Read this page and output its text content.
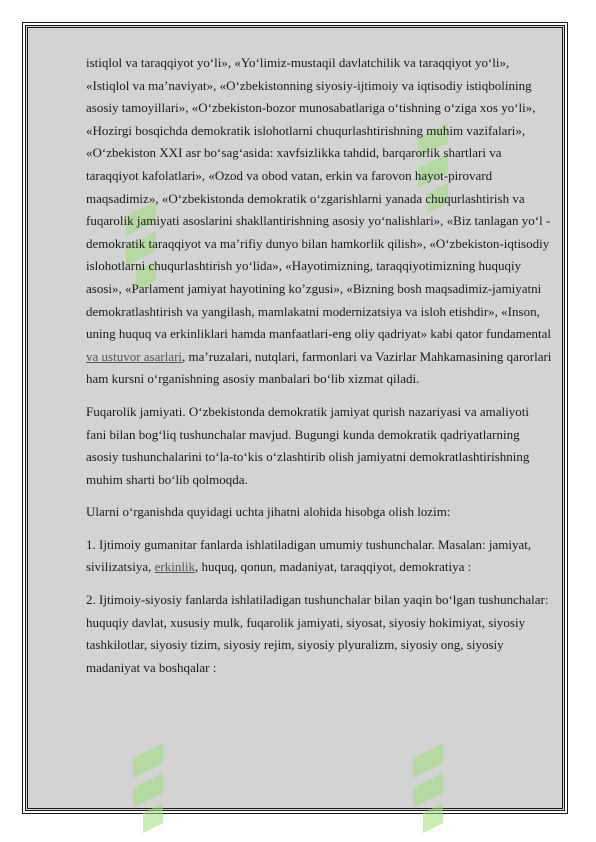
istiqlol va taraqqiyot yo‘li», «Yo‘limiz-mustaqil davlatchilik va taraqqiyot yo‘li», «Istiqlol va ma’naviyat», «O‘zbekistonning siyosiy-ijtimoiy va iqtisodiy istiqbolining asosiy tamoyillari», «O‘zbekiston-bozor munosabatlariga o‘tishning o‘ziga xos yo‘li», «Hozirgi bosqichda demokratik islohotlarni chuqurlashtirishning muhim vazifalari», «O‘zbekiston XXI asr bo‘sag‘asida: xavfsizlikka tahdid, barqarorlik shartlari va taraqqiyot kafolatlari», «Ozod va obod vatan, erkin va farovon hayot-pirovard maqsadimiz», «O‘zbekistonda demokratik o‘zgarishlarni yanada chuqurlashtirish va fuqarolik jamiyati asoslarini shakllantirishning asosiy yo‘nalishlari», «Biz tanlagan yo‘l - demokratik taraqqiyot va ma’rifiy dunyo bilan hamkorlik qilish», «O‘zbekiston-iqtisodiy islohotlarni chuqurlashtirish yo‘lida», «Hayotimizning, taraqqiyotimizning huquqiy asosi», «Parlament jamiyat hayotining ko’zgusi», «Bizning bosh maqsadimiz-jamiyatni demokratlashtirish va yangilash, mamlakatni modernizatsiya va isloh etishdir», «Inson, uning huquq va erkinliklari hamda manfaatlari-eng oliy qadriyat» kabi qator fundamental va ustuvor asarlari, ma’ruzalari, nutqlari, farmonlari va Vazirlar Mahkamasining qarorlari ham kursni o‘rganishning asosiy manbalari bo‘lib xizmat qiladi.

Fuqarolik jamiyati. O‘zbekistonda demokratik jamiyat qurish nazariyasi va amaliyoti fani bilan bog‘liq tushunchalar mavjud. Bugungi kunda demokratik qadriyatlarning asosiy tushunchalarini to‘la-to‘kis o‘zlashtirib olish jamiyatni demokratlashtirishning muhim sharti bo‘lib qolmoqda.

Ularni o‘rganishda quyidagi uchta jihatni alohida hisobga olish lozim:

1. Ijtimoiy gumanitar fanlarda ishlatiladigan umumiy tushunchalar. Masalan: jamiyat, sivilizatsiya, erkinlik, huquq, qonun, madaniyat, taraqqiyot, demokratiya :

2. Ijtimoiy-siyosiy fanlarda ishlatiladigan tushunchalar bilan yaqin bo‘lgan tushunchalar: huquqiy davlat, xususiy mulk, fuqarolik jamiyati, siyosat, siyosiy hokimiyat, siyosiy tashkilotlar, siyosiy tizim, siyosiy rejim, siyosiy plyuralizm, siyosiy ong, siyosiy madaniyat va boshqalar :
